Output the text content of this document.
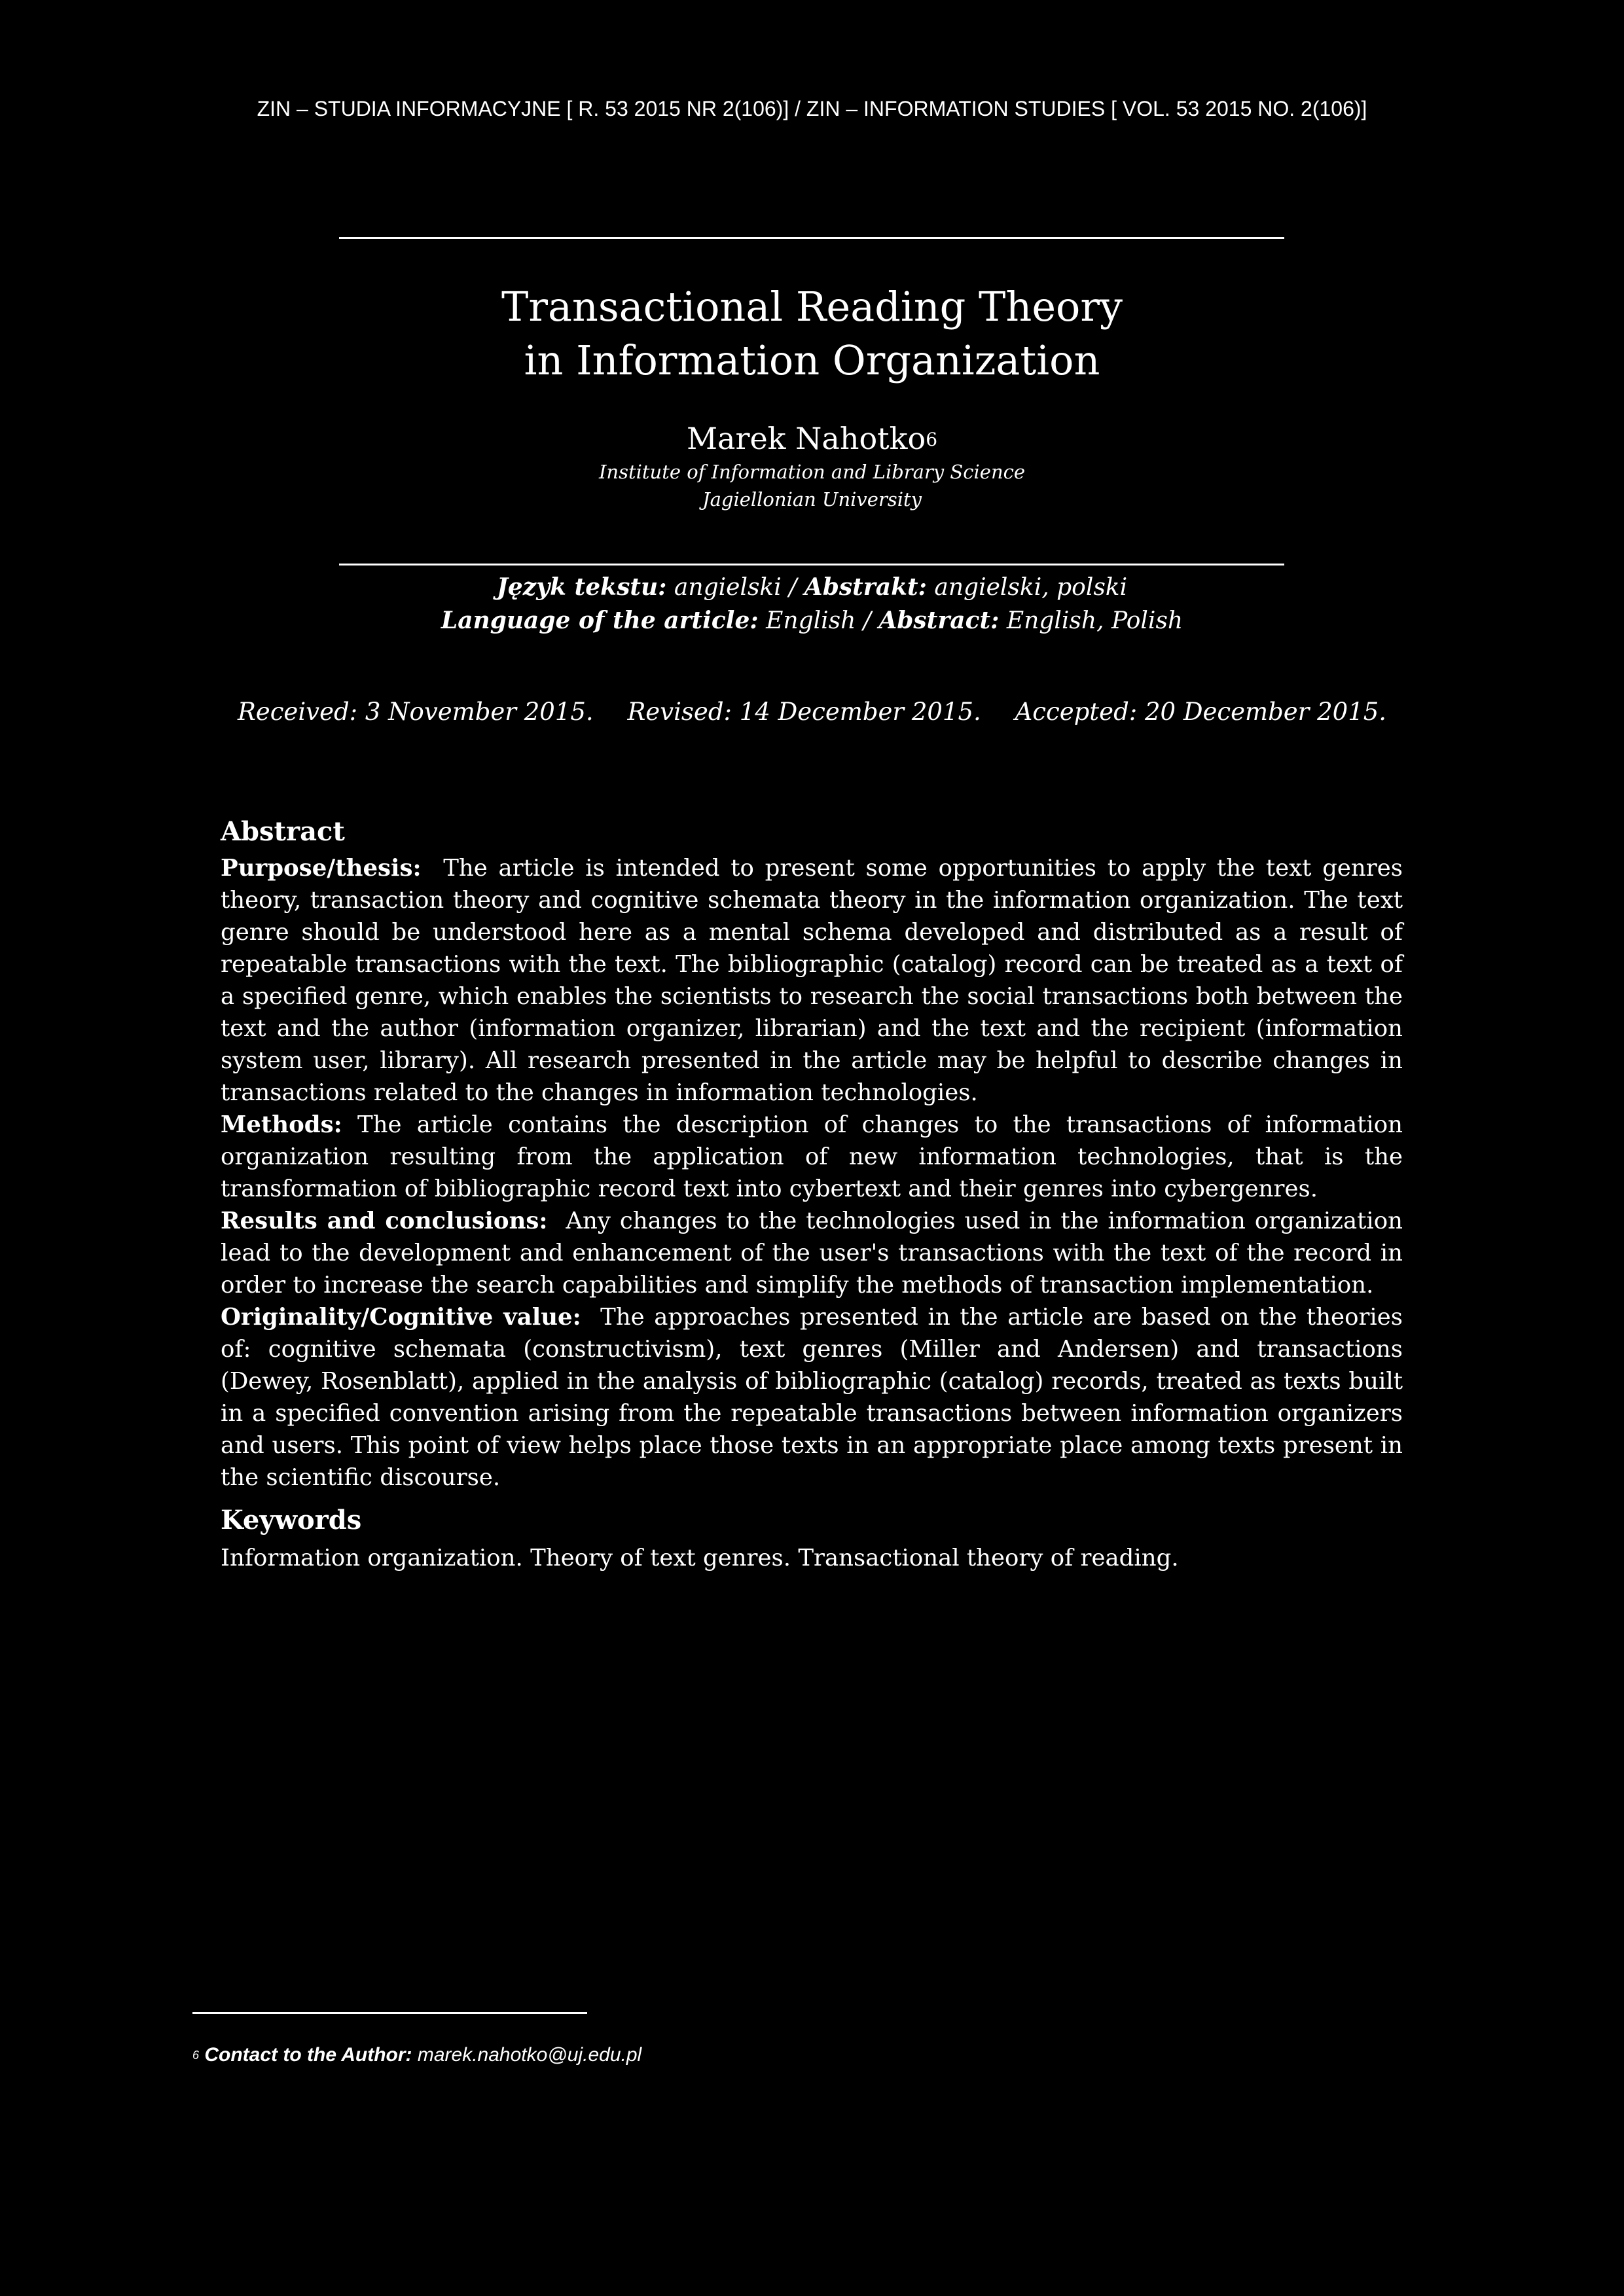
ZIN – STUDIA INFORMACYJNE [ R. 53 2015 NR 2(106)] / ZIN – INFORMATION STUDIES [ VOL. 53 2015 NO. 2(106)]
Transactional Reading Theory
in Information Organization
Marek Nahotko$^6$
Institute of Information and Library Science
Jagiellonian University
Język tekstu: angielski / Abstrakt: angielski, polski
Language of the article: English / Abstract: English, Polish
Received: 3 November 2015. Revised: 14 December 2015. Accepted: 20 December 2015.
Abstract

Purpose/thesis: The article is intended to present some opportunities to apply the text genres theory, transaction theory and cognitive schemata theory in the information organization. The text genre should be understood here as a mental schema developed and distributed as a result of repeatable transactions with the text. The bibliographic (catalog) record can be treated as a text of a specified genre, which enables the scientists to research the social transactions both between the text and the author (information organizer, librarian) and the text and the recipient (information system user, library). All research presented in the article may be helpful to describe changes in transactions related to the changes in information technologies.

Methods: The article contains the description of changes to the transactions of information organization resulting from the application of new information technologies, that is the transformation of bibliographic record text into cybertext and their genres into cybergenres.

Results and conclusions: Any changes to the technologies used in the information organization lead to the development and enhancement of the user's transactions with the text of the record in order to increase the search capabilities and simplify the methods of transaction implementation.

Originality/Cognitive value: The approaches presented in the article are based on the theories of: cognitive schemata (constructivism), text genres (Miller and Andersen) and transactions (Dewey, Rosenblatt), applied in the analysis of bibliographic (catalog) records, treated as texts built in a specified convention arising from the repeatable transactions between information organizers and users. This point of view helps place those texts in an appropriate place among texts present in the scientific discourse.

Keywords
Information organization. Theory of text genres. Transactional theory of reading.
$^6$ Contact to the Author: marek.nahotko@uj.edu.pl
